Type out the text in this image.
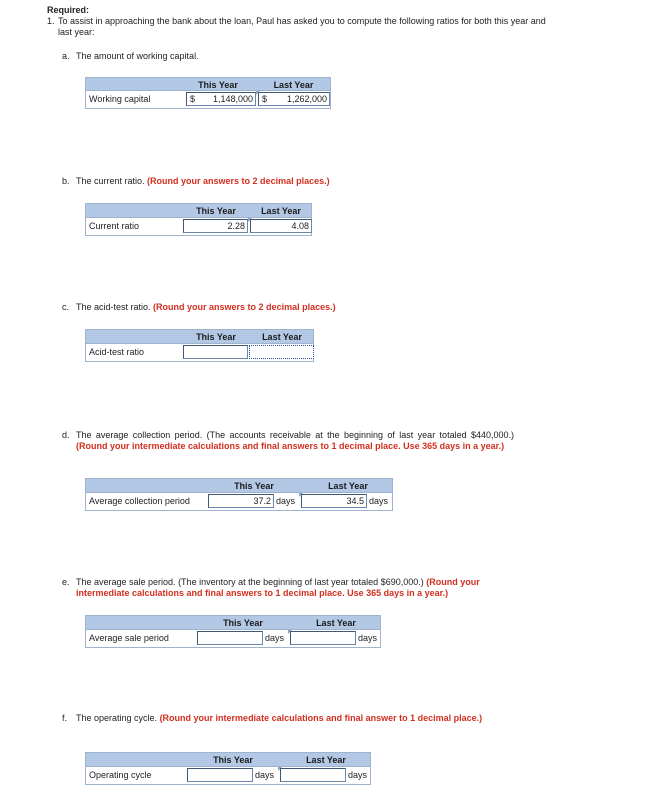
Required:
1. To assist in approaching the bank about the loan, Paul has asked you to compute the following ratios for both this year and last year:
a. The amount of working capital.
This Year	Last Year
Working capital	$ 1,148,000	$ 1,262,000
b. The current ratio. (Round your answers to 2 decimal places.)
This Year	Last Year
Current ratio	2.28	4.08
c. The acid-test ratio. (Round your answers to 2 decimal places.)
This Year	Last Year
Acid-test ratio
d. The average collection period. (The accounts receivable at the beginning of last year totaled $440,000.) (Round your intermediate calculations and final answers to 1 decimal place. Use 365 days in a year.)
This Year	Last Year
Average collection period	37.2 days	34.5 days
e. The average sale period. (The inventory at the beginning of last year totaled $690,000.) (Round your intermediate calculations and final answers to 1 decimal place. Use 365 days in a year.)
This Year	Last Year
Average sale period	days	days
f. The operating cycle. (Round your intermediate calculations and final answer to 1 decimal place.)
This Year	Last Year
Operating cycle	days	days
